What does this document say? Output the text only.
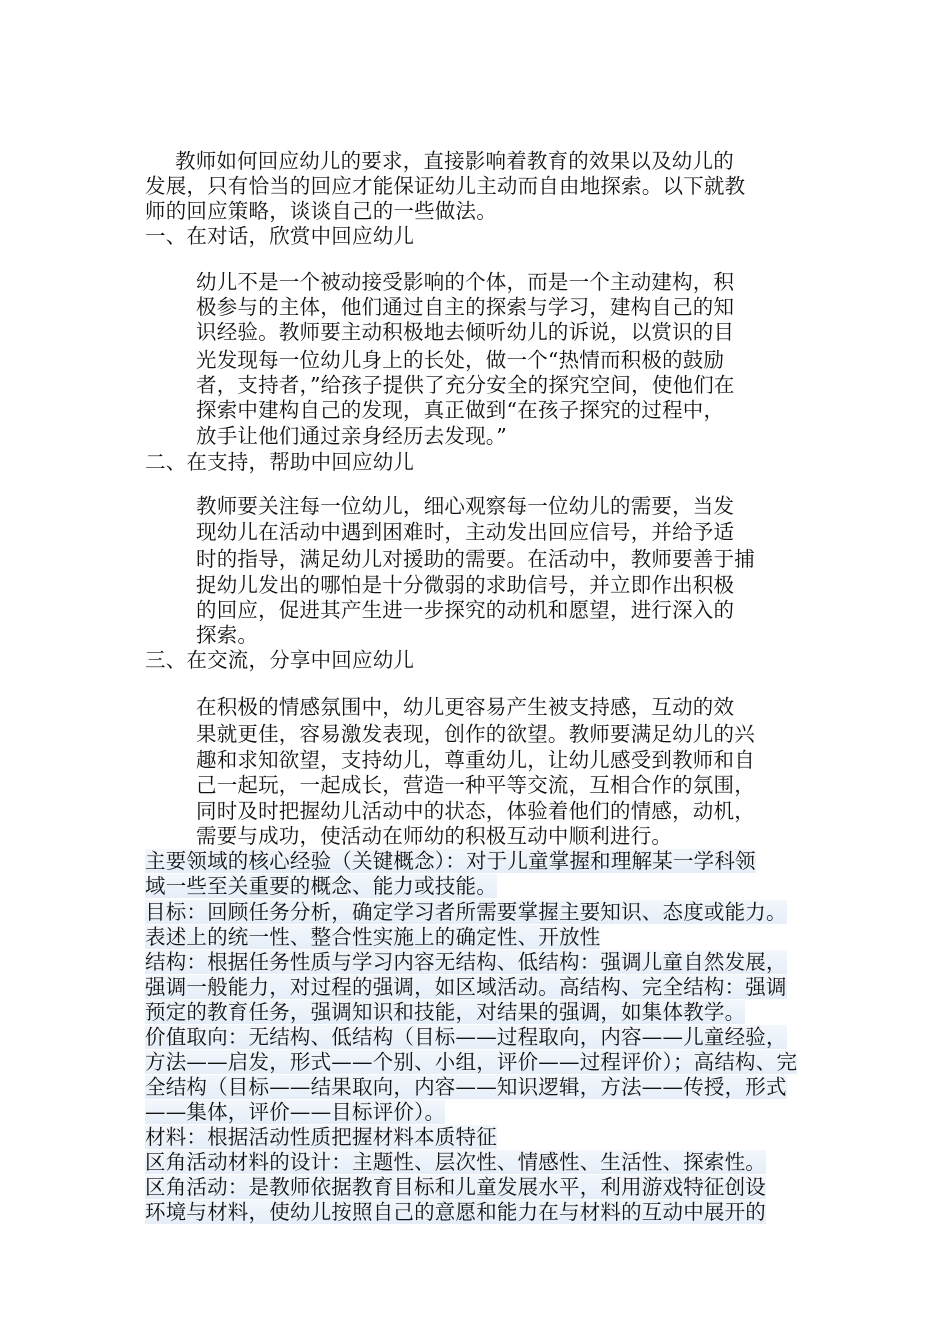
教师如何回应幼儿的要求，直接影响着教育的效果以及幼儿的
发展，只有恰当的回应才能保证幼儿主动而自由地探索。以下就教
师的回应策略，谈谈自己的一些做法。
一、在对话，欣赏中回应幼儿
幼儿不是一个被动接受影响的个体，而是一个主动建构，积
极参与的主体，他们通过自主的探索与学习，建构自己的知
识经验。教师要主动积极地去倾听幼儿的诉说，以赏识的目
光发现每一位幼儿身上的长处，做一个“热情而积极的鼓励
者，支持者，”给孩子提供了充分安全的探究空间，使他们在
探索中建构自己的发现，真正做到“在孩子探究的过程中，
放手让他们通过亲身经历去发现。”
二、在支持，帮助中回应幼儿
教师要关注每一位幼儿，细心观察每一位幼儿的需要，当发
现幼儿在活动中遇到困难时，主动发出回应信号，并给予适
时的指导，满足幼儿对援助的需要。在活动中，教师要善于捕
捉幼儿发出的哪怕是十分微弱的求助信号，并立即作出积极
的回应，促进其产生进一步探究的动机和愿望，进行深入的
探索。
三、在交流，分享中回应幼儿
在积极的情感氛围中，幼儿更容易产生被支持感，互动的效
果就更佳，容易激发表现，创作的欲望。教师要满足幼儿的兴
趣和求知欲望，支持幼儿，尊重幼儿，让幼儿感受到教师和自
己一起玩，一起成长，营造一种平等交流，互相合作的氛围，
同时及时把握幼儿活动中的状态，体验着他们的情感，动机，
需要与成功，使活动在师幼的积极互动中顺利进行。
主要领域的核心经验（关键概念）：对于儿童掌握和理解某一学科领
域一些至关重要的概念、能力或技能。
目标：回顾任务分析，确定学习者所需要掌握主要知识、态度或能力。
表述上的统一性、整合性实施上的确定性、开放性
结构：根据任务性质与学习内容无结构、低结构：强调儿童自然发展，
强调一般能力，对过程的强调，如区域活动。高结构、完全结构：强调
预定的教育任务，强调知识和技能，对结果的强调，如集体教学。
价值取向：无结构、低结构（目标——过程取向，内容——儿童经验，
方法——启发，形式——个别、小组，评价——过程评价）；高结构、完
全结构（目标——结果取向，内容——知识逻辑，方法——传授，形式
——集体，评价——目标评价）。
材料：根据活动性质把握材料本质特征
区角活动材料的设计：主题性、层次性、情感性、生活性、探索性。
区角活动：是教师依据教育目标和儿童发展水平，利用游戏特征创设
环境与材料，使幼儿按照自己的意愿和能力在与材料的互动中展开的
